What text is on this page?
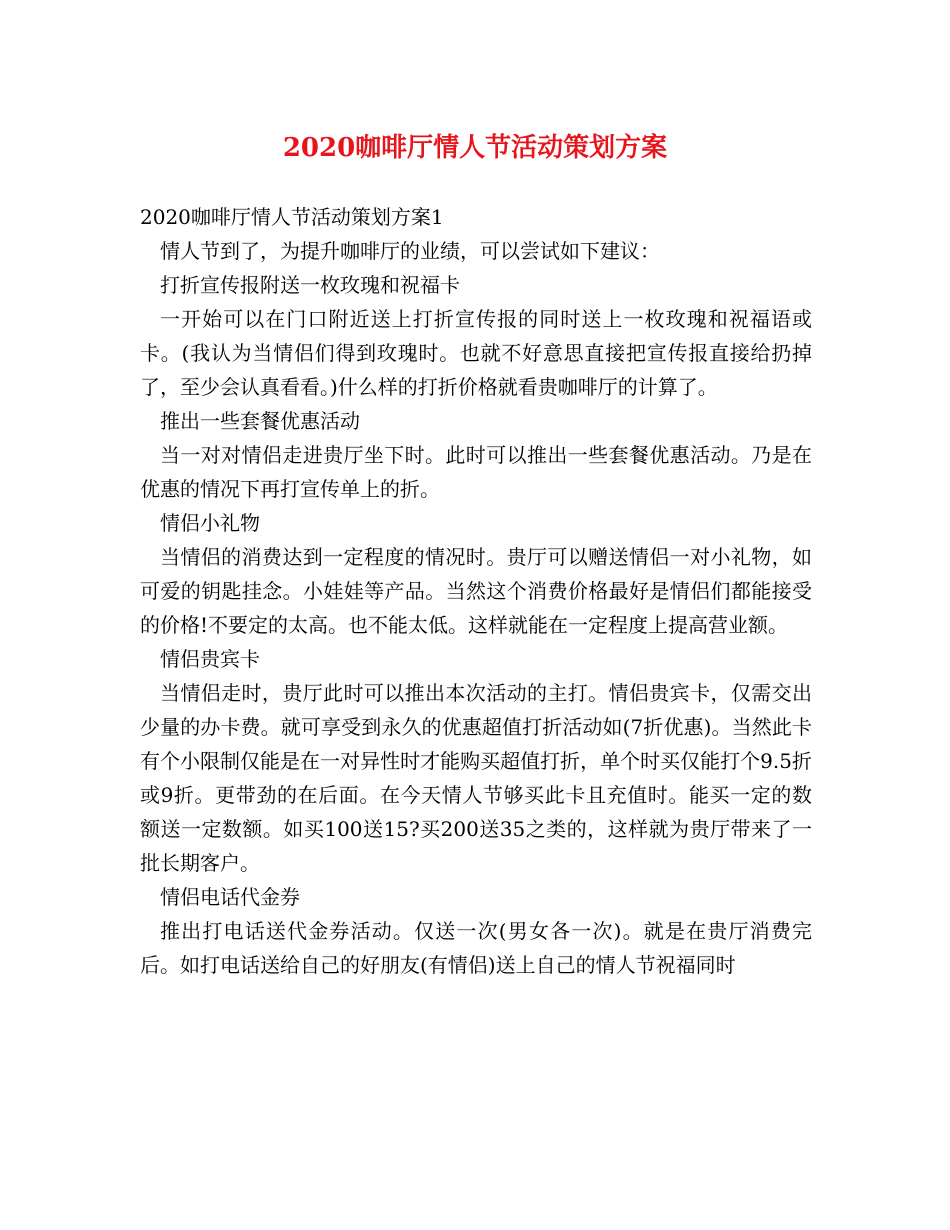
2020咖啡厅情人节活动策划方案

2020咖啡厅情人节活动策划方案1

情人节到了，为提升咖啡厅的业绩，可以尝试如下建议：

打折宣传报附送一枚玫瑰和祝福卡

一开始可以在门口附近送上打折宣传报的同时送上一枚玫瑰和祝福语或卡。(我认为当情侣们得到玫瑰时。也就不好意思直接把宣传报直接给扔掉了，至少会认真看看。)什么样的打折价格就看贵咖啡厅的计算了。

推出一些套餐优惠活动

当一对对情侣走进贵厅坐下时。此时可以推出一些套餐优惠活动。乃是在优惠的情况下再打宣传单上的折。

情侣小礼物

当情侣的消费达到一定程度的情况时。贵厅可以赠送情侣一对小礼物，如可爱的钥匙挂念。小娃娃等产品。当然这个消费价格最好是情侣们都能接受的价格!不要定的太高。也不能太低。这样就能在一定程度上提高营业额。

情侣贵宾卡

当情侣走时，贵厅此时可以推出本次活动的主打。情侣贵宾卡，仅需交出少量的办卡费。就可享受到永久的优惠超值打折活动如(7折优惠)。当然此卡有个小限制仅能是在一对异性时才能购买超值打折，单个时买仅能打个9.5折或9折。更带劲的在后面。在今天情人节够买此卡且充值时。能买一定的数额送一定数额。如买100送15?买200送35之类的，这样就为贵厅带来了一批长期客户。

情侣电话代金券

推出打电话送代金券活动。仅送一次(男女各一次)。就是在贵厅消费完后。如打电话送给自己的好朋友(有情侣)送上自己的情人节祝福同时
